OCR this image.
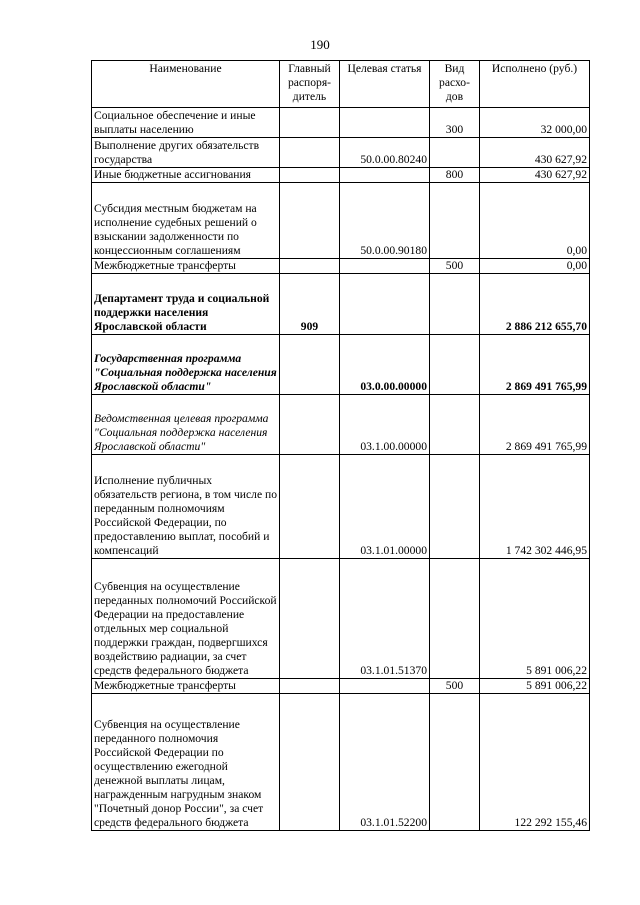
190
Наименование	Главный распоря-дитель	Целевая статья	Вид расхо-дов	Исполнено (руб.)
Социальное обеспечение и иные выплаты населению			300	32 000,00
Выполнение других обязательств государства		50.0.00.80240		430 627,92
Иные бюджетные ассигнования			800	430 627,92
Субсидия местным бюджетам на исполнение судебных решений о взыскании задолженности по концессионным соглашениям		50.0.00.90180		0,00
Межбюджетные трансферты			500	0,00
Департамент труда и социальной поддержки населения Ярославской области	909			2 886 212 655,70
Государственная программа "Социальная поддержка населения Ярославской области"		03.0.00.00000		2 869 491 765,99
Ведомственная целевая программа "Социальная поддержка населения Ярославской области"		03.1.00.00000		2 869 491 765,99
Исполнение публичных обязательств региона, в том числе по переданным полномочиям Российской Федерации, по предоставлению выплат, пособий и компенсаций		03.1.01.00000		1 742 302 446,95
Субвенция на осуществление переданных полномочий Российской Федерации на предоставление отдельных мер социальной поддержки граждан, подвергшихся воздействию радиации, за счет средств федерального бюджета		03.1.01.51370		5 891 006,22
Межбюджетные трансферты			500	5 891 006,22
Субвенция на осуществление переданного полномочия Российской Федерации по осуществлению ежегодной денежной выплаты лицам, награжденным нагрудным знаком "Почетный донор России", за счет средств федерального бюджета		03.1.01.52200		122 292 155,46
